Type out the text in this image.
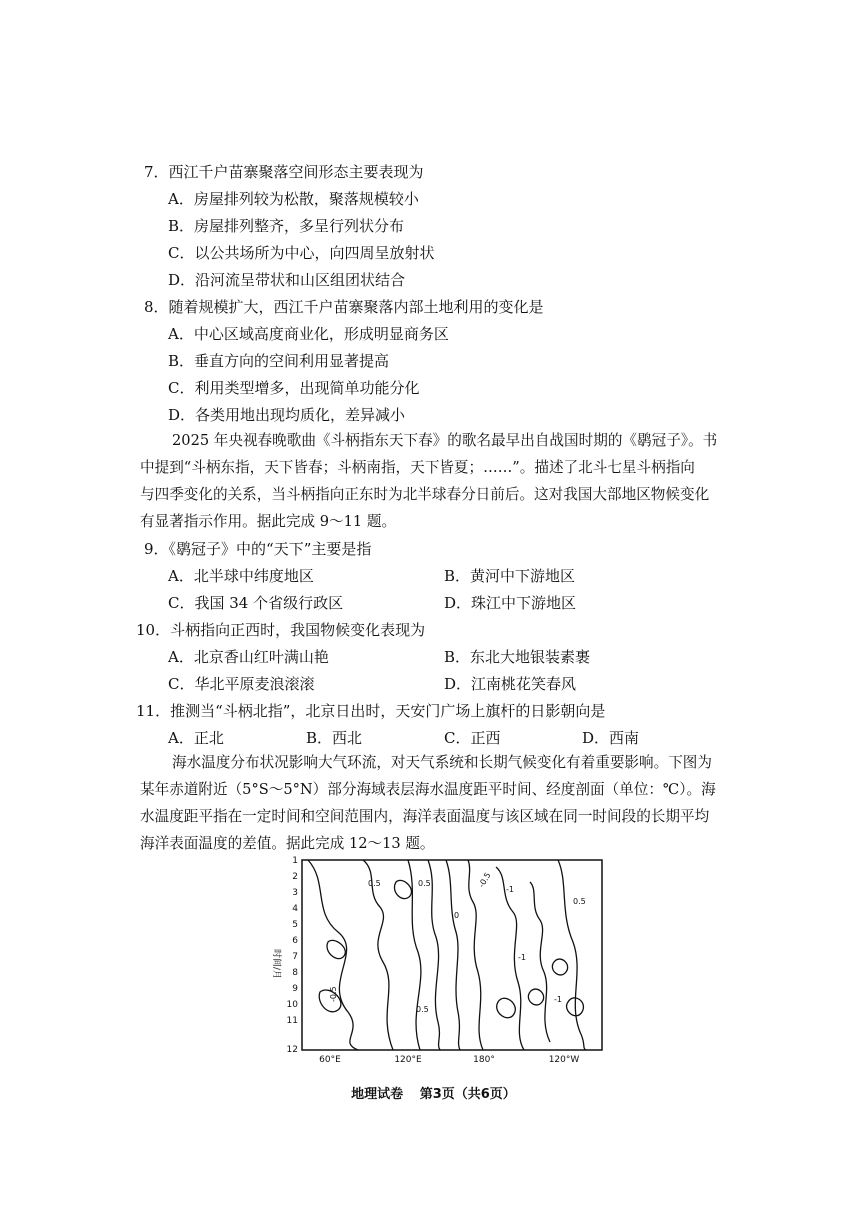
7．西江千户苗寨聚落空间形态主要表现为
A．房屋排列较为松散，聚落规模较小
B．房屋排列整齐，多呈行列状分布
C．以公共场所为中心，向四周呈放射状
D．沿河流呈带状和山区组团状结合
8．随着规模扩大，西江千户苗寨聚落内部土地利用的变化是
A．中心区域高度商业化，形成明显商务区
B．垂直方向的空间利用显著提高
C．利用类型增多，出现简单功能分化
D．各类用地出现均质化，差异减小
2025 年央视春晚歌曲《斗柄指东天下春》的歌名最早出自战国时期的《鹖冠子》。书
中提到“斗柄东指，天下皆春；斗柄南指，天下皆夏；……”。描述了北斗七星斗柄指向
与四季变化的关系，当斗柄指向正东时为北半球春分日前后。这对我国大部地区物候变化
有显著指示作用。据此完成 9～11 题。
9．《鹖冠子》中的“天下”主要是指
A．北半球中纬度地区	B．黄河中下游地区
C．我国 34 个省级行政区	D．珠江中下游地区
10．斗柄指向正西时，我国物候变化表现为
A．北京香山红叶满山艳	B．东北大地银装素裹
C．华北平原麦浪滚滚	D．江南桃花笑春风
11．推测当“斗柄北指”，北京日出时，天安门广场上旗杆的日影朝向是
A．正北	B．西北	C．正西	D．西南
海水温度分布状况影响大气环流，对天气系统和长期气候变化有着重要影响。下图为
某年赤道附近（5°S～5°N）部分海域表层海水温度距平时间、经度剖面（单位：℃）。海
水温度距平指在一定时间和空间范围内，海洋表面温度与该区域在同一时间段的长期平均
海洋表面温度的差值。据此完成 12～13 题。
时间/月
1
2
3
4
5
6
7
8
9
10
11
12
0.5	0.5
0.5
-0.5
-1
-1
-1
-0.5
0.5
0
60°E	120°E	180°	120°W
地理试卷 第3页（共6页）
